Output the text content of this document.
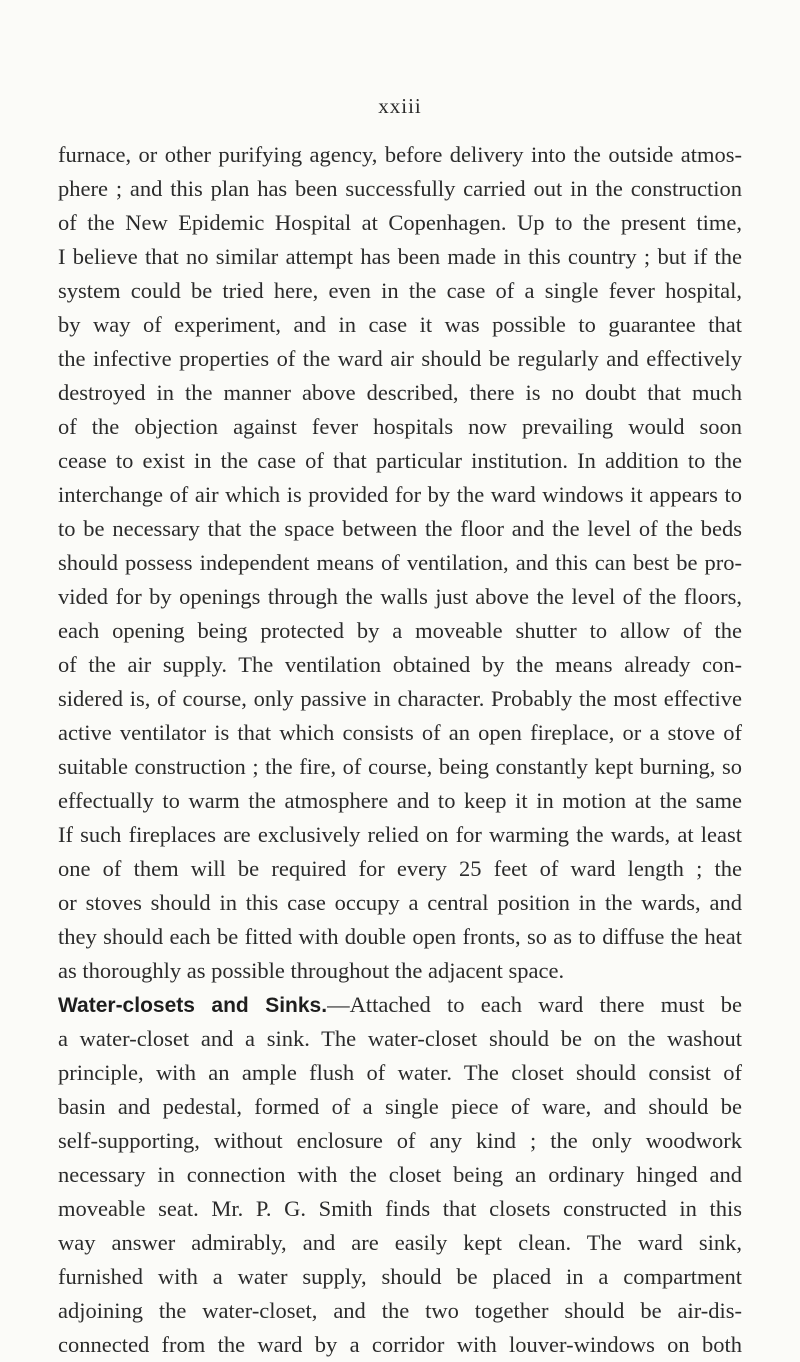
xxiii

furnace, or other purifying agency, before delivery into the outside atmos-
phere ; and this plan has been successfully carried out in the construction
of the New Epidemic Hospital at Copenhagen. Up to the present time,
I believe that no similar attempt has been made in this country ; but if the
system could be tried here, even in the case of a single fever hospital,
by way of experiment, and in case it was possible to guarantee that
the infective properties of the ward air should be regularly and effectively
destroyed in the manner above described, there is no doubt that much
of the objection against fever hospitals now prevailing would soon
cease to exist in the case of that particular institution. In addition to the
interchange of air which is provided for by the ward windows it appears to
to be necessary that the space between the floor and the level of the beds
should possess independent means of ventilation, and this can best be pro-
vided for by openings through the walls just above the level of the floors,
each opening being protected by a moveable shutter to allow of the
of the air supply. The ventilation obtained by the means already con-
sidered is, of course, only passive in character. Probably the most effective
active ventilator is that which consists of an open fireplace, or a stove of
suitable construction ; the fire, of course, being constantly kept burning, so
effectually to warm the atmosphere and to keep it in motion at the same
If such fireplaces are exclusively relied on for warming the wards, at least
one of them will be required for every 25 feet of ward length ; the
or stoves should in this case occupy a central position in the wards, and
they should each be fitted with double open fronts, so as to diffuse the heat
as thoroughly as possible throughout the adjacent space.
Water-closets and Sinks.—Attached to each ward there must be
a water-closet and a sink. The water-closet should be on the washout
principle, with an ample flush of water. The closet should consist of
basin and pedestal, formed of a single piece of ware, and should be
self-supporting, without enclosure of any kind ; the only woodwork
necessary in connection with the closet being an ordinary hinged and
moveable seat. Mr. P. G. Smith finds that closets constructed in this
way answer admirably, and are easily kept clean. The ward sink,
furnished with a water supply, should be placed in a compartment
adjoining the water-closet, and the two together should be air-dis-
connected from the ward by a corridor with louver-windows on both
